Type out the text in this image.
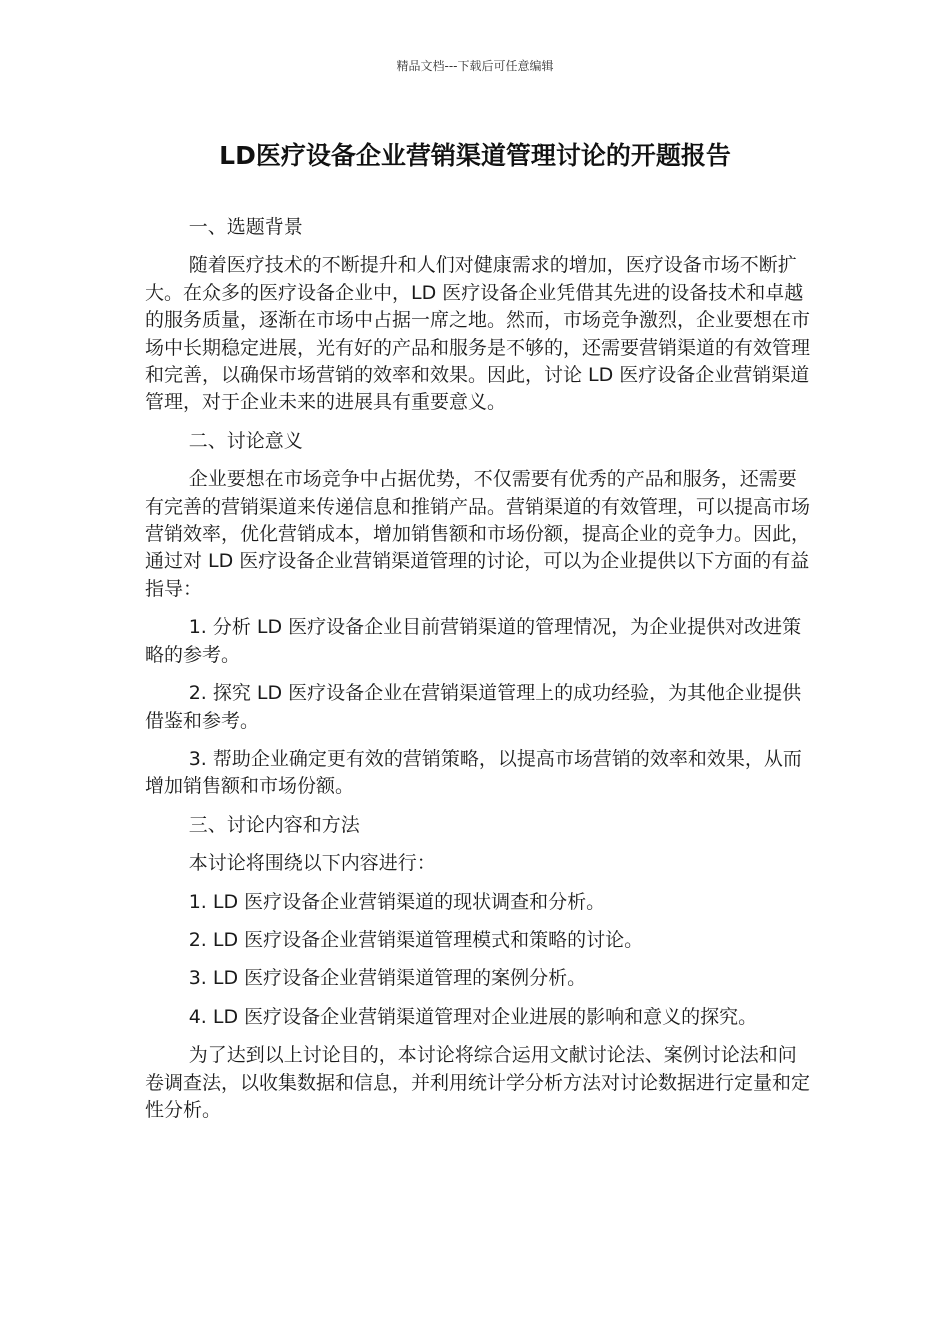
精品文档---下载后可任意编辑
LD医疗设备企业营销渠道管理讨论的开题报告

一、选题背景

随着医疗技术的不断提升和人们对健康需求的增加，医疗设备市场不断扩大。在众多的医疗设备企业中，LD 医疗设备企业凭借其先进的设备技术和卓越的服务质量，逐渐在市场中占据一席之地。然而，市场竞争激烈，企业要想在市场中长期稳定进展，光有好的产品和服务是不够的，还需要营销渠道的有效管理和完善，以确保市场营销的效率和效果。因此，讨论 LD 医疗设备企业营销渠道管理，对于企业未来的进展具有重要意义。

二、讨论意义

企业要想在市场竞争中占据优势，不仅需要有优秀的产品和服务，还需要有完善的营销渠道来传递信息和推销产品。营销渠道的有效管理，可以提高市场营销效率，优化营销成本，增加销售额和市场份额，提高企业的竞争力。因此，通过对 LD 医疗设备企业营销渠道管理的讨论，可以为企业提供以下方面的有益指导：

1. 分析 LD 医疗设备企业目前营销渠道的管理情况，为企业提供对改进策略的参考。

2. 探究 LD 医疗设备企业在营销渠道管理上的成功经验，为其他企业提供借鉴和参考。

3. 帮助企业确定更有效的营销策略，以提高市场营销的效率和效果，从而增加销售额和市场份额。

三、讨论内容和方法

本讨论将围绕以下内容进行：

1. LD 医疗设备企业营销渠道的现状调查和分析。

2. LD 医疗设备企业营销渠道管理模式和策略的讨论。

3. LD 医疗设备企业营销渠道管理的案例分析。

4. LD 医疗设备企业营销渠道管理对企业进展的影响和意义的探究。

为了达到以上讨论目的，本讨论将综合运用文献讨论法、案例讨论法和问卷调查法，以收集数据和信息，并利用统计学分析方法对讨论数据进行定量和定性分析。
